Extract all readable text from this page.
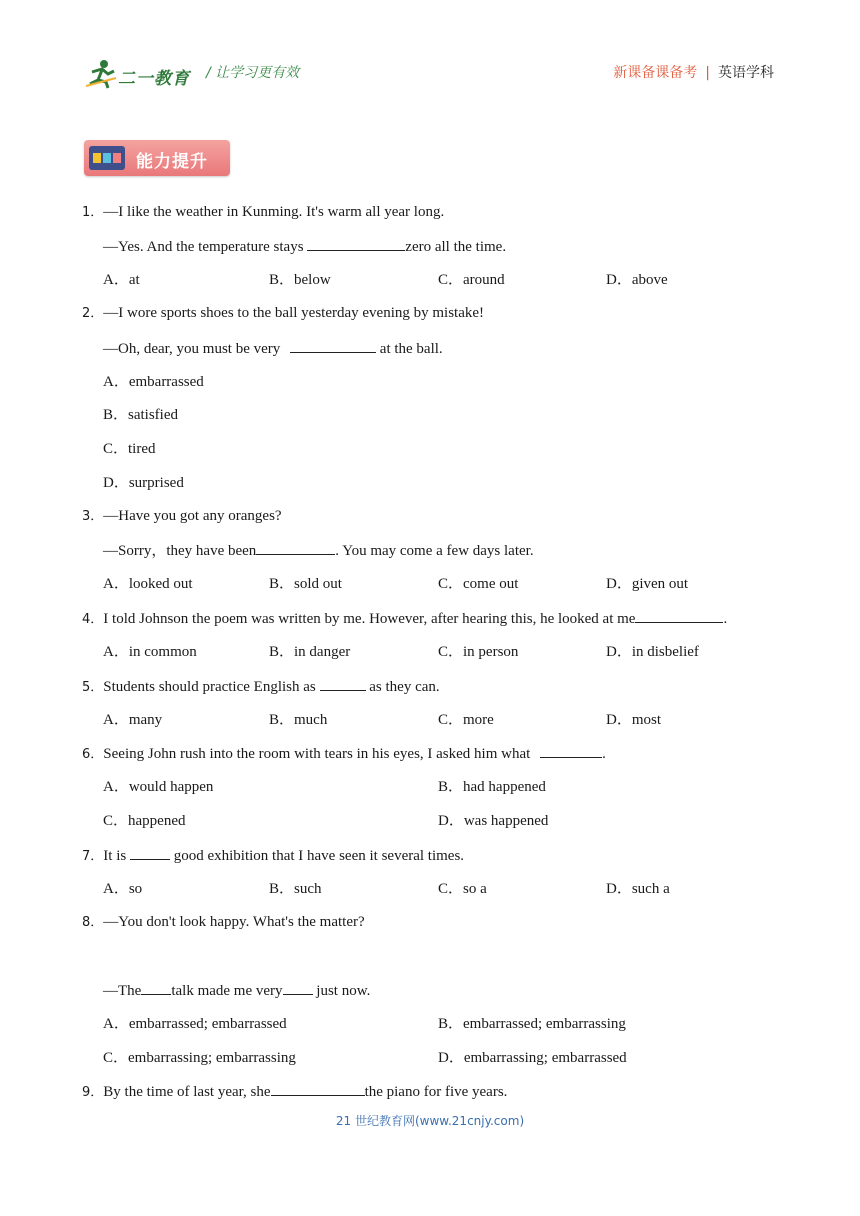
二一教育 / 让学习更有效	新课备课备考 | 英语学科
能力提升
1．—I like the weather in Kunming. It's warm all year long.
—Yes. And the temperature stays	zero all the time.
A．at	B．below	C．around	D．above
2．—I wore sports shoes to the ball yesterday evening by mistake!
—Oh, dear, you must be very	at the ball.
A．embarrassed
B．satisfied
C．tired
D．surprised
3．—Have you got any oranges?
—Sorry，they have been	. You may come a few days later.
A．looked out	B．sold out	C．come out	D．given out
4．I told Johnson the poem was written by me. However, after hearing this, he looked at me	.
A．in common	B．in danger	C．in person	D．in disbelief
5．Students should practice English as	as they can.
A．many	B．much	C．more	D．most
6．Seeing John rush into the room with tears in his eyes, I asked him what	.
A．would happen	B．had happened
C．happened	D．was happened
7．It is	good exhibition that I have seen it several times.
A．so	B．such	C．so a	D．such a
8．—You don't look happy. What's the matter?
—The talk made me very just now.
A．embarrassed; embarrassed	B．embarrassed; embarrassing
C．embarrassing; embarrassing	D．embarrassing; embarrassed
9．By the time of last year, she	the piano for five years.
21 世纪教育网(www.21cnjy.com)
